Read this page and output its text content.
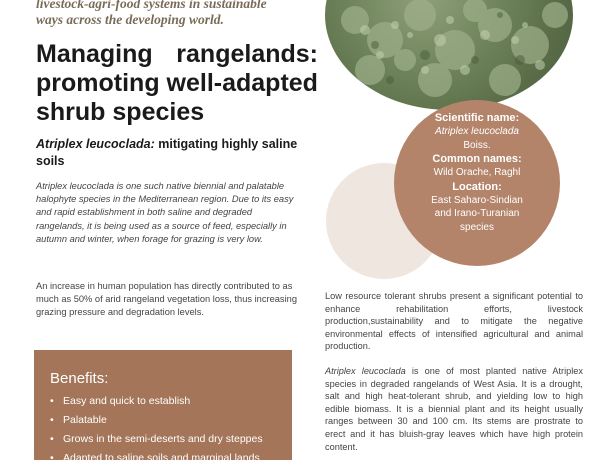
livestock-agri-food systems in sustainable
ways across the developing world.

Managing rangelands:
promoting well-adapted
shrub species
Atriplex leucoclada: mitigating highly saline soils

Atriplex leucoclada is one such native biennial and palatable halophyte species in the Mediterranean region. Due to its easy and rapid establishment in both saline and degraded rangelands, it is being used as a source of feed, especially in autumn and winter, when forage for grazing is very low.

An increase in human population has directly contributed to as much as 50% of arid rangeland vegetation loss, thus increasing grazing pressure and degradation levels.

Benefits:
• Easy and quick to establish
• Palatable
• Grows in the semi-deserts and dry steppes
• Adapted to saline soils and marginal lands
Scientific name:
Atriplex leucoclada
Boiss.
Common names:
Wild Orache, Raghl
Location:
East Saharo-Sindian
and Irano-Turanian
species

Low resource tolerant shrubs present a significant potential to enhance rehabilitation efforts, livestock production,sustainability and to mitigate the negative environmental effects of intensified agricultural and animal production.

Atriplex leucoclada is one of most planted native Atriplex species in degraded rangelands of West Asia. It is a drought, salt and high heat-tolerant shrub, and yielding low to high edible biomass. It is a biennial plant and its height usually ranges between 30 and 100 cm. Its stems are prostrate to erect and it has bluish-gray leaves which have high protein content.
